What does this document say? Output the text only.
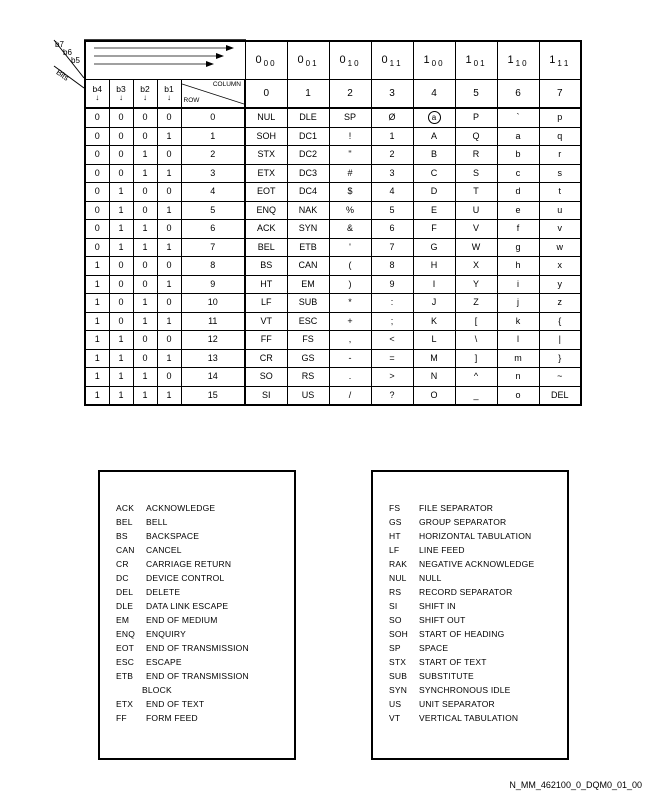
b7
b6
b5
Bits
					0 $_0$ $_0$	0 $_0$ $_1$	0 $_1$ $_0$	0 $_1$ $_1$	1 $_0$ $_0$	1 $_0$ $_1$	1 $_1$ $_0$	1 $_1$ $_1$
b4
↓	b3
↓	b2
↓	b1
↓	COLUMN
ROW	0	1	2	3	4	5	6	7
0	0	0	0	0	NUL	DLE	SP	Ø	a	P	`	p
0	0	0	1	1	SOH	DC1	!	1	A	Q	a	q
0	0	1	0	2	STX	DC2	"	2	B	R	b	r
0	0	1	1	3	ETX	DC3	#	3	C	S	c	s
0	1	0	0	4	EOT	DC4	$	4	D	T	d	t
0	1	0	1	5	ENQ	NAK	%	5	E	U	e	u
0	1	1	0	6	ACK	SYN	&	6	F	V	f	v
0	1	1	1	7	BEL	ETB	'	7	G	W	g	w
1	0	0	0	8	BS	CAN	(	8	H	X	h	x
1	0	0	1	9	HT	EM	)	9	I	Y	i	y
1	0	1	0	10	LF	SUB	*	:	J	Z	j	z
1	0	1	1	11	VT	ESC	+	;	K	[	k	{
1	1	0	0	12	FF	FS	,	<	L	\	l	|
1	1	0	1	13	CR	GS	-	=	M	]	m	}
1	1	1	0	14	SO	RS	.	>	N	^	n	~
1	1	1	1	15	SI	US	/	?	O	_	o	DEL
ACK ACKNOWLEDGE
BEL BELL
BS BACKSPACE
CAN CANCEL
CR CARRIAGE RETURN
DC DEVICE CONTROL
DEL DELETE
DLE DATA LINK ESCAPE
EM END OF MEDIUM
ENQ ENQUIRY
EOT END OF TRANSMISSION
ESC ESCAPE
ETB END OF TRANSMISSION
BLOCK
ETX END OF TEXT
FF FORM FEED
FS FILE SEPARATOR
GS GROUP SEPARATOR
HT HORIZONTAL TABULATION
LF LINE FEED
RAK NEGATIVE ACKNOWLEDGE
NUL NULL
RS RECORD SEPARATOR
SI	SHIFT IN
SO SHIFT OUT
SOH START OF HEADING
SP SPACE
STX START OF TEXT
SUB SUBSTITUTE
SYN SYNCHRONOUS IDLE
US UNIT SEPARATOR
VT VERTICAL TABULATION
N_MM_462100_0_DQM0_01_00
